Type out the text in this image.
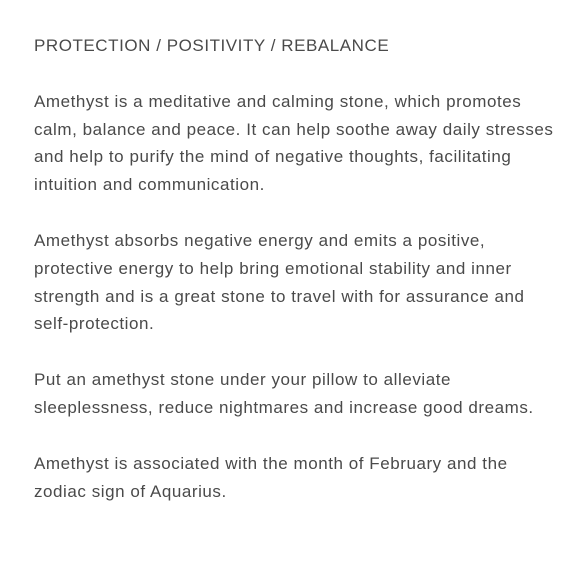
PROTECTION / POSITIVITY / REBALANCE

Amethyst is a meditative and calming stone, which promotes calm, balance and peace. It can help soothe away daily stresses and help to purify the mind of negative thoughts, facilitating intuition and communication.

Amethyst absorbs negative energy and emits a positive, protective energy to help bring emotional stability and inner strength and is a great stone to travel with for assurance and self-protection.

Put an amethyst stone under your pillow to alleviate sleeplessness, reduce nightmares and increase good dreams.

Amethyst is associated with the month of February and the zodiac sign of Aquarius.
